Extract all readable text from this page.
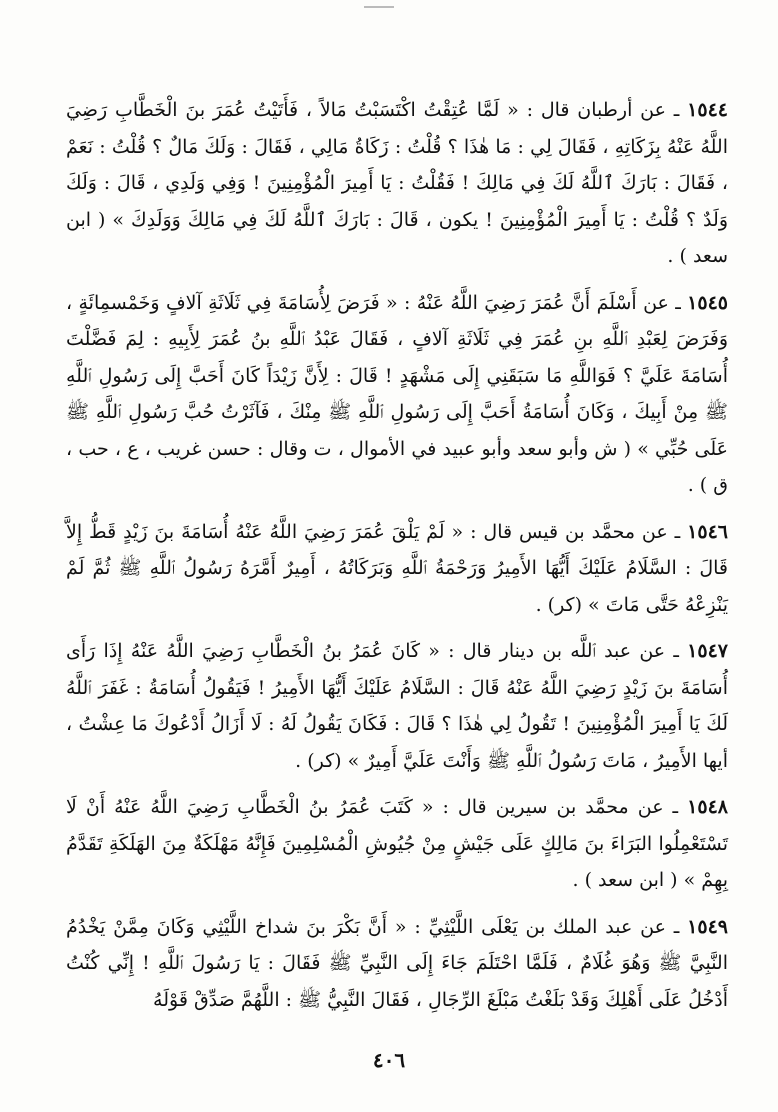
١٥٤٤ ـ عن أرطبان قال : « لَمَّا عُتِقْتُ اكْتَسَبْتُ مَالاً ، فَأَتَيْتُ عُمَرَ بنَ الْخَطَّابِ رَضِيَ اللَّهُ عَنْهُ بِزَكَاتِهِ ، فَقَالَ لِي : مَا هٰذَا ؟ قُلْتُ : زَكَاةُ مَالِي ، فَقَالَ : وَلَكَ مَالٌ ؟ قُلْتُ : نَعَمْ ، فَقَالَ : بَارَكَ ٱللَّهُ لَكَ فِي مَالِكَ ! فَقُلْتُ : يَا أَمِيرَ الْمُؤْمِنِينَ ! وَفِي وَلَدِي ، قَالَ : وَلَكَ وَلَدٌ ؟ قُلْتُ : يَا أَمِيرَ الْمُؤْمِنِينَ ! يكون ، قَالَ : بَارَكَ ٱللَّهُ لَكَ فِي مَالِكَ وَوَلَدِكَ » ( ابن سعد ) .

١٥٤٥ ـ عن أَسْلَمَ أَنَّ عُمَرَ رَضِيَ اللَّهُ عَنْهُ : « فَرَضَ لِأُسَامَةَ فِي ثَلَاثَةِ آلافٍ وَخَمْسمِائَةٍ ، وَفَرَضَ لِعَبْدِ ٱللَّهِ بنِ عُمَرَ فِي ثَلَاثَةِ آلافٍ ، فَقَالَ عَبْدُ ٱللَّهِ بنُ عُمَرَ لِأَبِيهِ : لِمَ فَضَّلْتَ أُسَامَةَ عَلَيَّ ؟ فَوَاللَّهِ مَا سَبَقَنِي إِلَى مَشْهَدٍ ! قَالَ : لِأَنَّ زَيْدَاً كَانَ أَحَبَّ إِلَى رَسُولِ ٱللَّهِ ﷺ مِنْ أَبِيكَ ، وَكَانَ أُسَامَةُ أَحَبَّ إِلَى رَسُولِ ٱللَّهِ ﷺ مِنْكَ ، فَآثَرْتُ حُبَّ رَسُولِ ٱللَّهِ ﷺ عَلَى حُبِّي » ( ش وأبو سعد وأبو عبيد في الأموال ، ت وقال : حسن غريب ، ع ، حب ، ق ) .

١٥٤٦ ـ عن محمَّد بن قيس قال : « لَمْ يَلْقَ عُمَرَ رَضِيَ اللَّهُ عَنْهُ أُسَامَةَ بنَ زَيْدٍ قَطُّ إِلاَّ قَالَ : السَّلَامُ عَلَيْكَ أَيُّهَا الأَمِيرُ وَرَحْمَةُ ٱللَّهِ وَبَرَكَاتُهُ ، أَمِيرٌ أَمَّرَهُ رَسُولُ ٱللَّهِ ﷺ ثُمَّ لَمْ يَنْزِعْهُ حَتَّى مَاتَ » (كر) .

١٥٤٧ ـ عن عبد ٱللَّه بن دينار قال : « كَانَ عُمَرُ بنُ الْخَطَّابِ رَضِيَ اللَّهُ عَنْهُ إِذَا رَأَى أُسَامَةَ بنَ زَيْدٍ رَضِيَ اللَّهُ عَنْهُ قَالَ : السَّلَامُ عَلَيْكَ أَيُّهَا الأَمِيرُ ! فَيَقُولُ أُسَامَةُ : غَفَرَ ٱللَّهُ لَكَ يَا أَمِيرَ الْمُؤْمِنِينَ ! تَقُولُ لِي هٰذَا ؟ قَالَ : فَكَانَ يَقُولُ لَهُ : لَا أَزَالُ أَدْعُوكَ مَا عِشْتُ ، أيها الأَمِيرُ ، مَاتَ رَسُولُ ٱللَّهِ ﷺ وَأَنْتَ عَلَيَّ أَمِيرٌ » (كر) .

١٥٤٨ ـ عن محمَّد بن سيرين قال : « كَتَبَ عُمَرُ بنُ الْخَطَّابِ رَضِيَ اللَّهُ عَنْهُ أَنْ لَا تَسْتَعْمِلُوا البَرَاءَ بنَ مَالِكٍ عَلَى جَيْشٍ مِنْ جُيُوشِ الْمُسْلِمِينَ فَإِنَّهُ مَهْلَكَةٌ مِنَ الهَلَكَةِ تَقَدَّمُ بِهِمْ » ( ابن سعد ) .

١٥٤٩ ـ عن عبد الملك بن يَعْلَى اللَّيْثِيِّ : « أَنَّ بَكْرَ بنَ شداخ اللَّيْثِي وَكَانَ مِمَّنْ يَخْدُمُ النَّبِيَّ ﷺ وَهُوَ غُلَامٌ ، فَلَمَّا احْتَلَمَ جَاءَ إِلَى النَّبِيِّ ﷺ فَقَالَ : يَا رَسُولَ ٱللَّهِ ! إِنِّي كُنْتُ أَدْخُلُ عَلَى أَهْلِكَ وَقَدْ بَلَغْتُ مَبْلَغَ الرِّجَالِ ، فَقَالَ النَّبِيُّ ﷺ : اللَّهُمَّ صَدِّقْ قَوْلَهُ

٤٠٦
